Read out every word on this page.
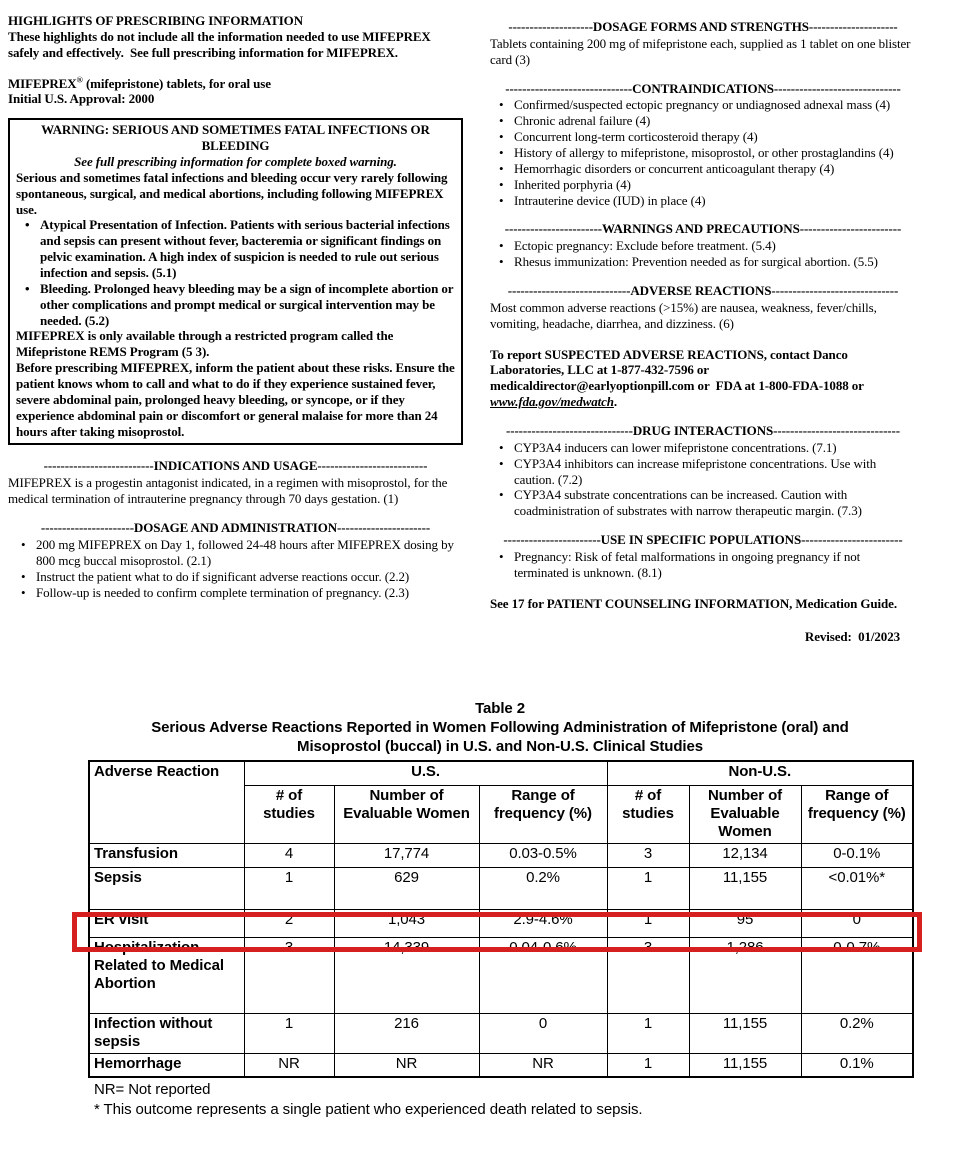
HIGHLIGHTS OF PRESCRIBING INFORMATION

These highlights do not include all the information needed to use MIFEPREX safely and effectively.  See full prescribing information for MIFEPREX.

MIFEPREX® (mifepristone) tablets, for oral use

Initial U.S. Approval: 2000

WARNING: SERIOUS AND SOMETIMES FATAL INFECTIONS OR BLEEDING

See full prescribing information for complete boxed warning.

Serious and sometimes fatal infections and bleeding occur very rarely following spontaneous, surgical, and medical abortions, including following MIFEPREX use.

• Atypical Presentation of Infection. Patients with serious bacterial infections and sepsis can present without fever, bacteremia or significant findings on pelvic examination. A high index of suspicion is needed to rule out serious infection and sepsis. (5.1)
• Bleeding. Prolonged heavy bleeding may be a sign of incomplete abortion or other complications and prompt medical or surgical intervention may be needed. (5.2)

MIFEPREX is only available through a restricted program called the Mifepristone REMS Program (5 3).

Before prescribing MIFEPREX, inform the patient about these risks. Ensure the patient knows whom to call and what to do if they experience sustained fever, severe abdominal pain, prolonged heavy bleeding, or syncope, or if they experience abdominal pain or discomfort or general malaise for more than 24 hours after taking misoprostol.

--------------------------INDICATIONS AND USAGE--------------------------

MIFEPREX is a progestin antagonist indicated, in a regimen with misoprostol, for the medical termination of intrauterine pregnancy through 70 days gestation. (1)

----------------------DOSAGE AND ADMINISTRATION----------------------
• 200 mg MIFEPREX on Day 1, followed 24-48 hours after MIFEPREX dosing by 800 mcg buccal misoprostol. (2.1)
• Instruct the patient what to do if significant adverse reactions occur. (2.2)
• Follow-up is needed to confirm complete termination of pregnancy. (2.3)
--------------------DOSAGE FORMS AND STRENGTHS---------------------

Tablets containing 200 mg of mifepristone each, supplied as 1 tablet on one blister card (3)

------------------------------CONTRAINDICATIONS------------------------------
• Confirmed/suspected ectopic pregnancy or undiagnosed adnexal mass (4)
• Chronic adrenal failure (4)
• Concurrent long-term corticosteroid therapy (4)
• History of allergy to mifepristone, misoprostol, or other prostaglandins (4)
• Hemorrhagic disorders or concurrent anticoagulant therapy (4)
• Inherited porphyria (4)
• Intrauterine device (IUD) in place (4)
-----------------------WARNINGS AND PRECAUTIONS------------------------
• Ectopic pregnancy: Exclude before treatment. (5.4)
• Rhesus immunization: Prevention needed as for surgical abortion. (5.5)
-----------------------------ADVERSE REACTIONS------------------------------

Most common adverse reactions (>15%) are nausea, weakness, fever/chills, vomiting, headache, diarrhea, and dizziness. (6)

To report SUSPECTED ADVERSE REACTIONS, contact Danco Laboratories, LLC at 1-877-432-7596 or medicaldirector@earlyoptionpill.com or  FDA at 1-800-FDA-1088 or www.fda.gov/medwatch.

------------------------------DRUG INTERACTIONS------------------------------
• CYP3A4 inducers can lower mifepristone concentrations. (7.1)
• CYP3A4 inhibitors can increase mifepristone concentrations. Use with caution. (7.2)
• CYP3A4 substrate concentrations can be increased. Caution with coadministration of substrates with narrow therapeutic margin. (7.3)
-----------------------USE IN SPECIFIC POPULATIONS------------------------
• Pregnancy: Risk of fetal malformations in ongoing pregnancy if not terminated is unknown. (8.1)

See 17 for PATIENT COUNSELING INFORMATION, Medication Guide.

Revised:  01/2023

Table 2
Serious Adverse Reactions Reported in Women Following Administration of Mifepristone (oral) and
Misoprostol (buccal) in U.S. and Non-U.S. Clinical Studies
Adverse Reaction	U.S.			Non-U.S.		
	# of studies	Number of Evaluable Women	Range of frequency (%)	# of studies	Number of Evaluable Women	Range of frequency (%)
Transfusion	4	17,774	0.03-0.5%	3	12,134	0-0.1%
Sepsis	1	629	0.2%	1	11,155	<0.01%*
ER visit	2	1,043	2.9-4.6%	1	95	0
Hospitalization Related to Medical Abortion	3	14,339	0.04-0.6%	3	1,286	0-0.7%
Infection without sepsis	1	216	0	1	11,155	0.2%
Hemorrhage	NR	NR	NR	1	11,155	0.1%
NR= Not reported
* This outcome represents a single patient who experienced death related to sepsis.
